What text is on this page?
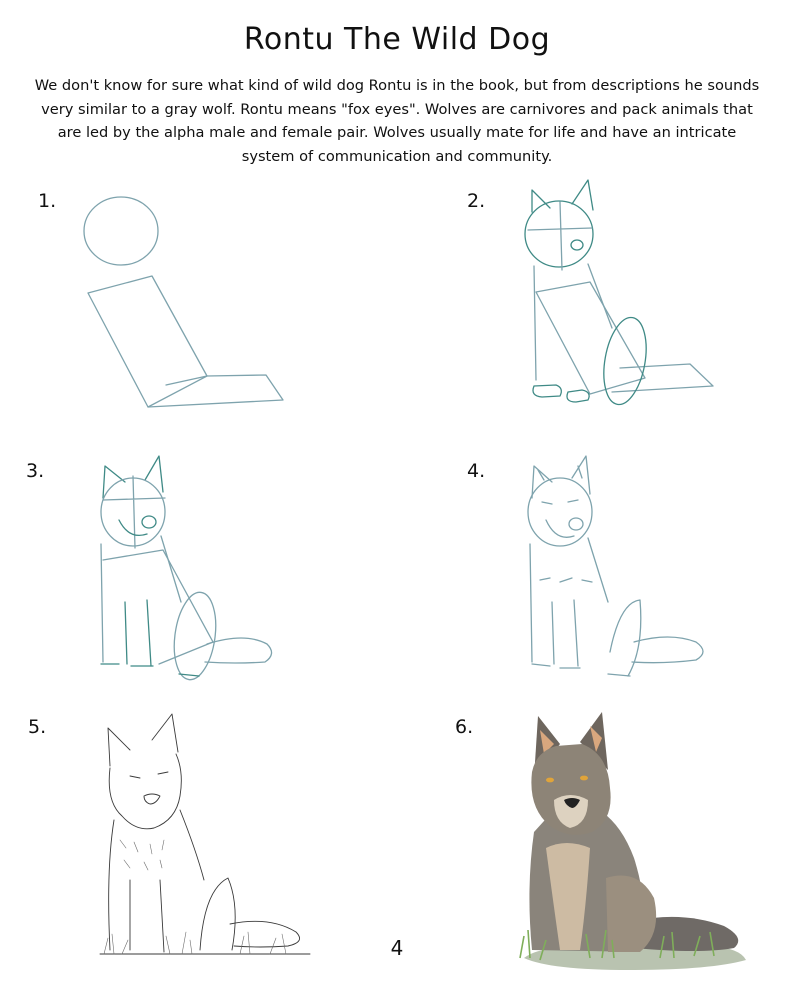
Rontu The Wild Dog
We don't know for sure what kind of wild dog Rontu is in the book, but from descriptions he sounds very similar to a gray wolf. Rontu means "fox eyes". Wolves are carnivores and pack animals that are led by the alpha male and female pair. Wolves usually mate for life and have an intricate system of communication and community.
1.	2.
3.	4.
5.	6.
4
